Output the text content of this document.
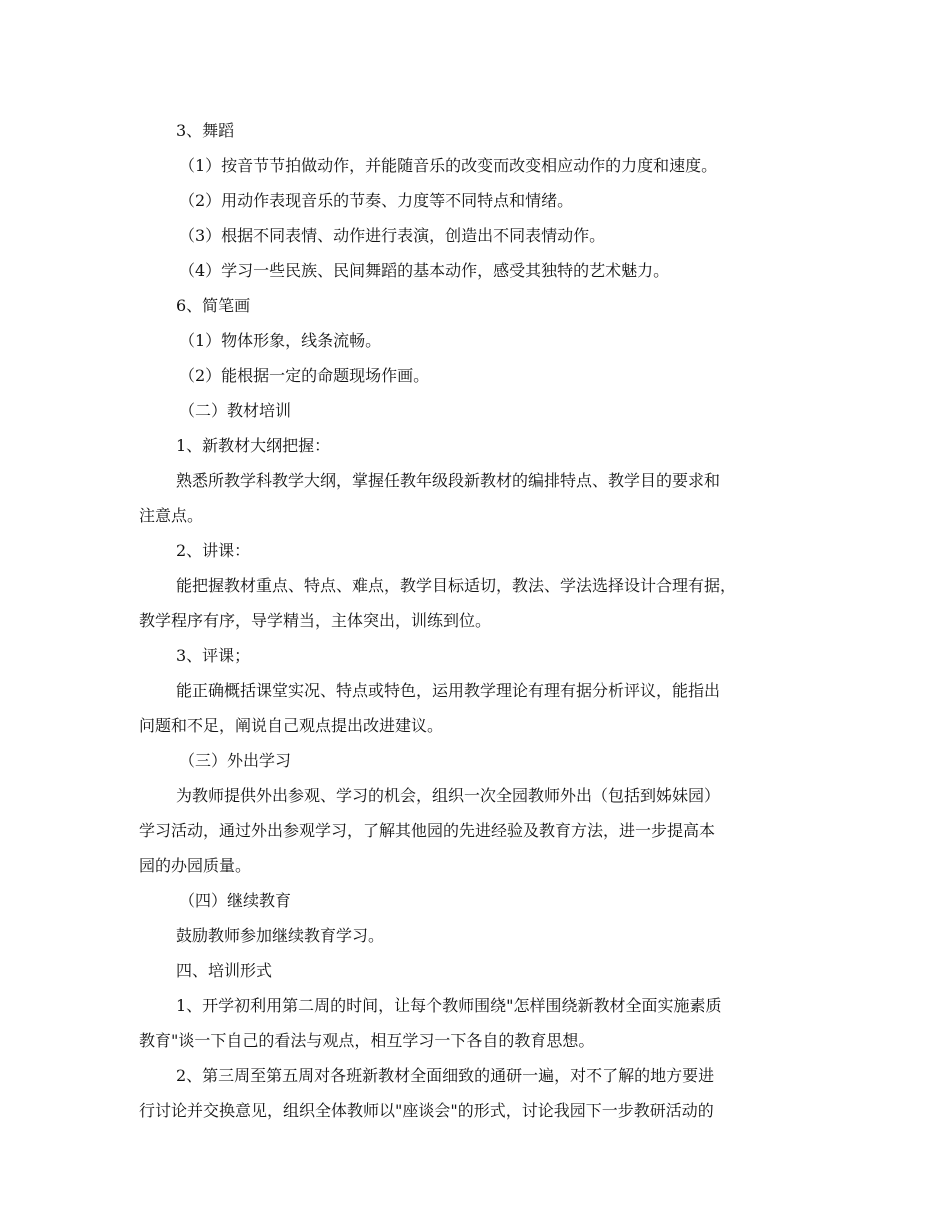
3、舞蹈

（1）按音节节拍做动作，并能随音乐的改变而改变相应动作的力度和速度。

（2）用动作表现音乐的节奏、力度等不同特点和情绪。

（3）根据不同表情、动作进行表演，创造出不同表情动作。

（4）学习一些民族、民间舞蹈的基本动作，感受其独特的艺术魅力。

6、简笔画

（1）物体形象，线条流畅。

（2）能根据一定的命题现场作画。

（二）教材培训

1、新教材大纲把握：

熟悉所教学科教学大纲，掌握任教年级段新教材的编排特点、教学目的要求和

注意点。

2、讲课：

能把握教材重点、特点、难点，教学目标适切，教法、学法选择设计合理有据，

教学程序有序，导学精当，主体突出，训练到位。

3、评课；

能正确概括课堂实况、特点或特色，运用教学理论有理有据分析评议，能指出

问题和不足，阐说自己观点提出改进建议。

（三）外出学习

为教师提供外出参观、学习的机会，组织一次全园教师外出（包括到姊妹园）

学习活动，通过外出参观学习，了解其他园的先进经验及教育方法，进一步提高本

园的办园质量。

（四）继续教育

鼓励教师参加继续教育学习。

四、培训形式

1、开学初利用第二周的时间，让每个教师围绕"怎样围绕新教材全面实施素质

教育"谈一下自己的看法与观点，相互学习一下各自的教育思想。

2、第三周至第五周对各班新教材全面细致的通研一遍，对不了解的地方要进

行讨论并交换意见，组织全体教师以"座谈会"的形式，讨论我园下一步教研活动的
